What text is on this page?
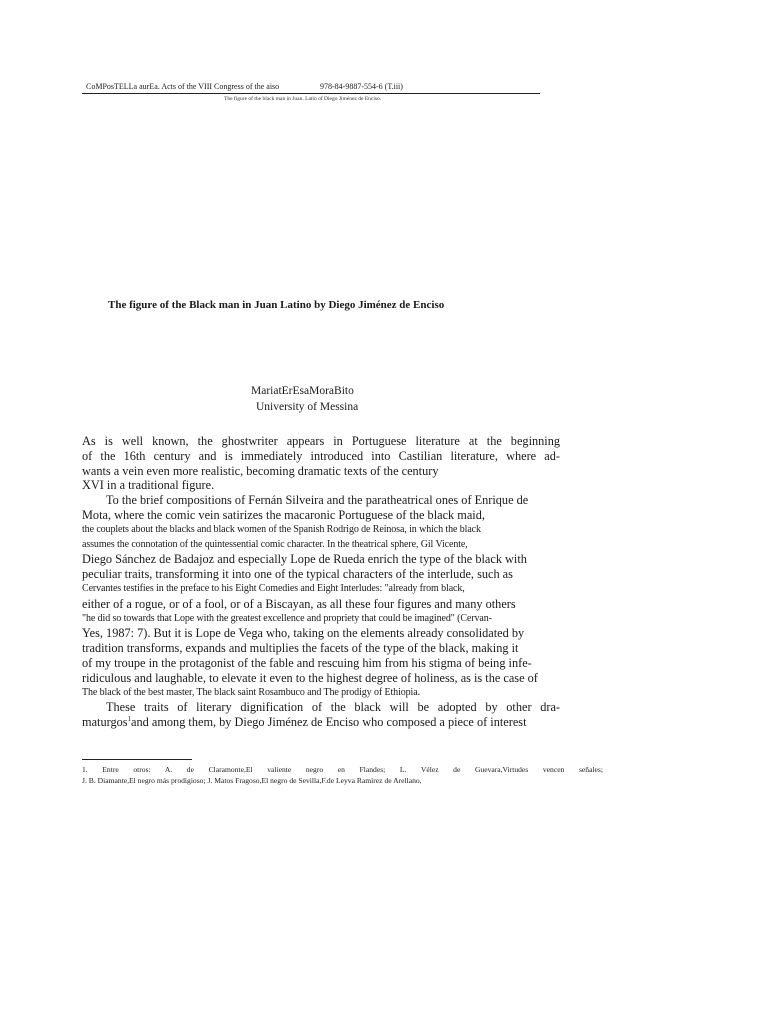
CoMPosTELLa aurEa. Acts of the VIII Congress of the aiso	978-84-9887-554-6 (T.iii)
The figure of the black man in Juan. Latin of Diego Jiménez de Enciso.
The figure of the Black man in Juan Latino by Diego Jiménez de Enciso
MariatErEsaMoraBito
University of Messina
As is well known, the ghostwriter appears in Portuguese literature at the beginning
of the 16th century and is immediately introduced into Castilian literature, where ad-
wants a vein even more realistic, becoming dramatic texts of the century
XVI in a traditional figure.
To the brief compositions of Fernán Silveira and the paratheatrical ones of Enrique de
Mota, where the comic vein satirizes the macaronic Portuguese of the black maid,
the couplets about the blacks and black women of the Spanish Rodrigo de Reinosa, in which the black
assumes the connotation of the quintessential comic character. In the theatrical sphere, Gil Vicente,
Diego Sánchez de Badajoz and especially Lope de Rueda enrich the type of the black with
peculiar traits, transforming it into one of the typical characters of the interlude, such as
Cervantes testifies in the preface to his Eight Comedies and Eight Interludes: "already from black,
either of a rogue, or of a fool, or of a Biscayan, as all these four figures and many others
"he did so towards that Lope with the greatest excellence and propriety that could be imagined" (Cervan-
Yes, 1987: 7). But it is Lope de Vega who, taking on the elements already consolidated by
tradition transforms, expands and multiplies the facets of the type of the black, making it
of my troupe in the protagonist of the fable and rescuing him from his stigma of being infe-
ridiculous and laughable, to elevate it even to the highest degree of holiness, as is the case of
The black of the best master, The black saint Rosambuco and The prodigy of Ethiopia.
These traits of literary dignification of the black will be adopted by other dra-
maturgos$^1$and among them, by Diego Jiménez de Enciso who composed a piece of interest
1. Entre otros: A. de Claramonte,El valiente negro en Flandes; L. Vélez de Guevara,Virtudes vencen señales;
J. B. Diamante,El negro más prodigioso; J. Matos Fragoso,El negro de Sevilla,F.de Leyva Ramírez de Arellano,
